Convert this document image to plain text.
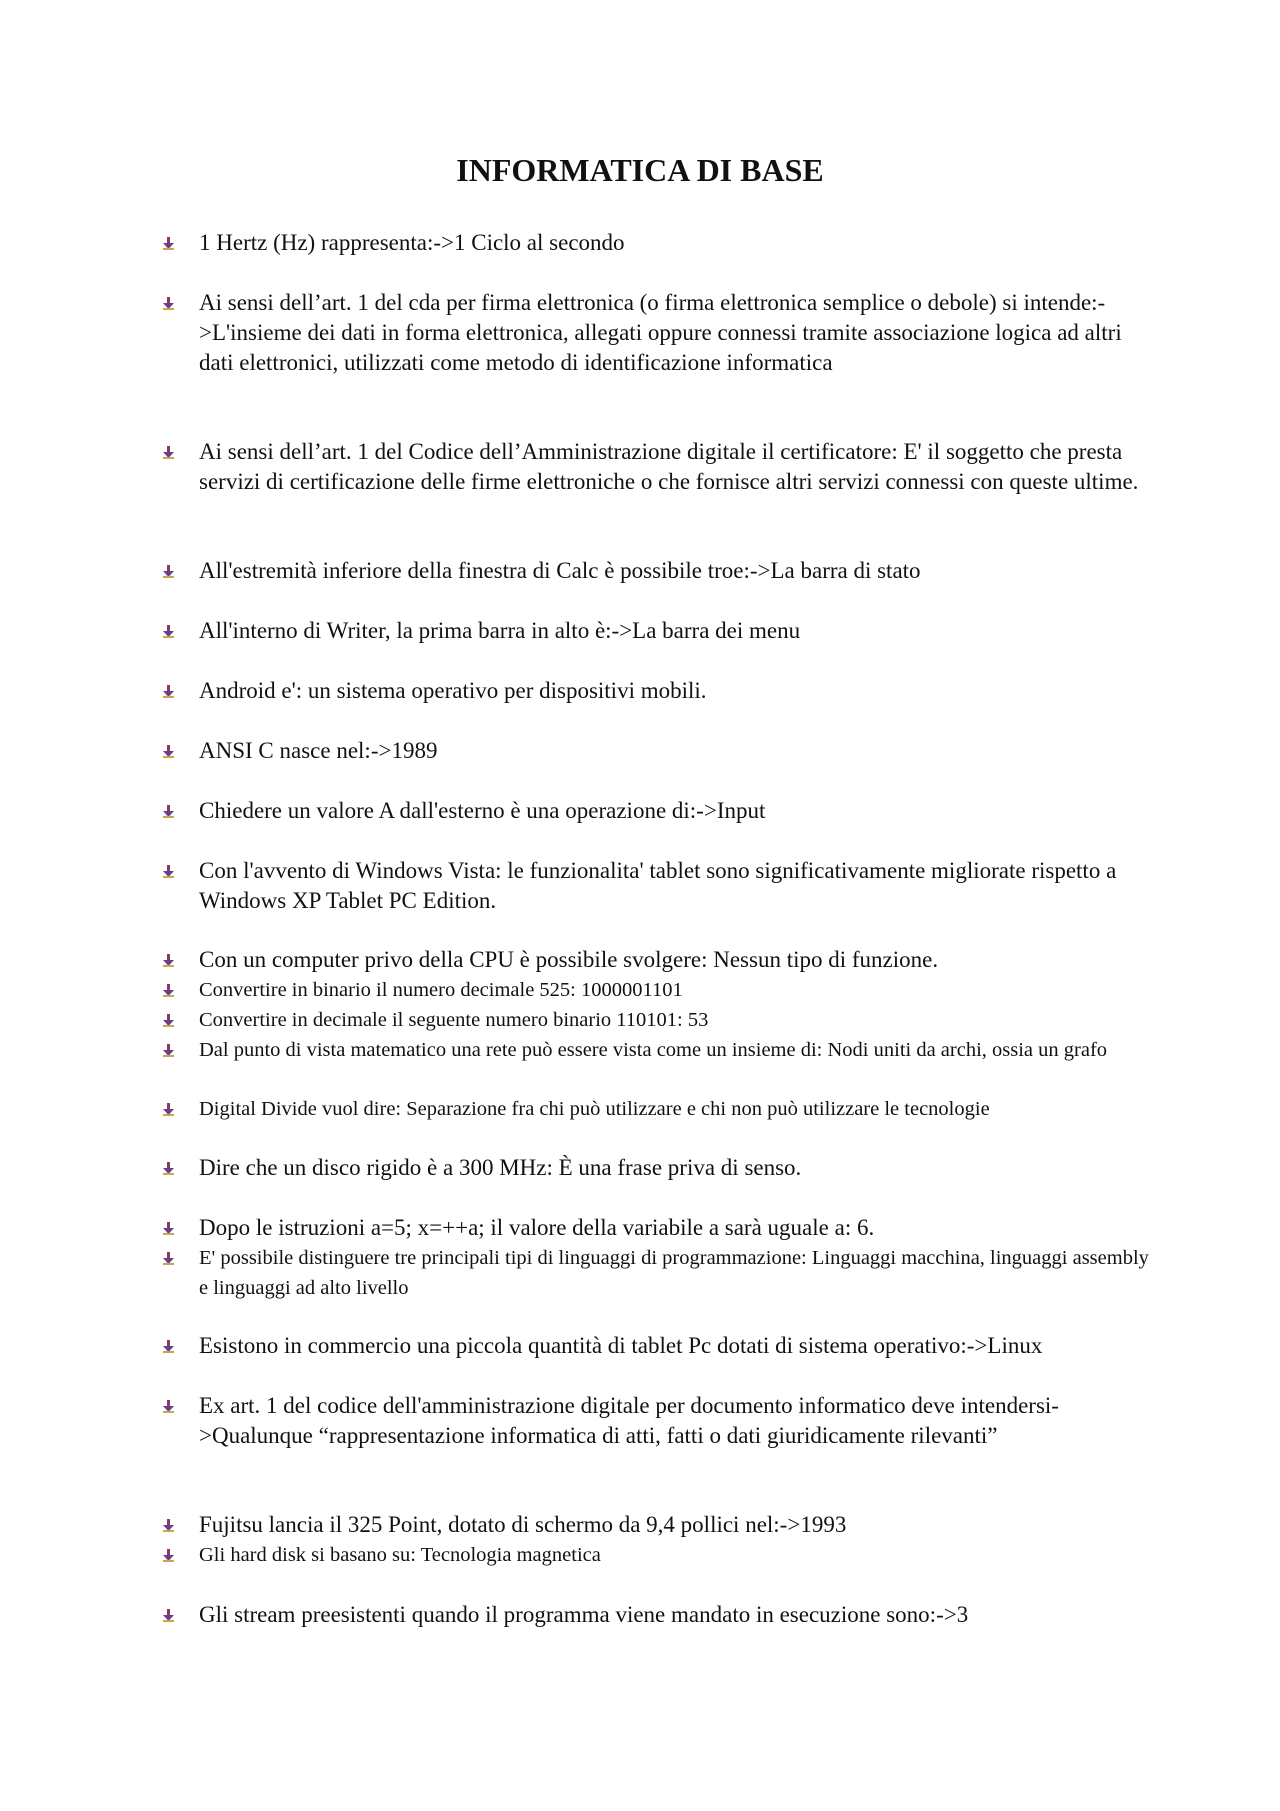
INFORMATICA DI BASE
1 Hertz (Hz) rappresenta:->1 Ciclo al secondo
Ai sensi dell’art. 1 del cda per firma elettronica (o firma elettronica semplice o debole) si intende:->L'insieme dei dati in forma elettronica, allegati oppure connessi tramite associazione logica ad altri dati elettronici, utilizzati come metodo di identificazione informatica
Ai sensi dell’art. 1 del Codice dell’Amministrazione digitale il certificatore: E' il soggetto che presta servizi di certificazione delle firme elettroniche o che fornisce altri servizi connessi con queste ultime.
All'estremità inferiore della finestra di Calc è possibile troe:->La barra di stato
All'interno di Writer, la prima barra in alto è:->La barra dei menu
Android e': un sistema operativo per dispositivi mobili.
ANSI C nasce nel:->1989
Chiedere un valore A dall'esterno è una operazione di:->Input
Con l'avvento di Windows Vista: le funzionalita' tablet sono significativamente migliorate rispetto a Windows XP Tablet PC Edition.
Con un computer privo della CPU è possibile svolgere: Nessun tipo di funzione.
Convertire in binario il numero decimale 525: 1000001101
Convertire in decimale il seguente numero binario 110101: 53
Dal punto di vista matematico una rete può essere vista come un insieme di: Nodi uniti da archi, ossia un grafo
Digital Divide vuol dire: Separazione fra chi può utilizzare e chi non può utilizzare le tecnologie
Dire che un disco rigido è a 300 MHz: È una frase priva di senso.
Dopo le istruzioni a=5; x=++a; il valore della variabile a sarà uguale a: 6.
E' possibile distinguere tre principali tipi di linguaggi di programmazione: Linguaggi macchina, linguaggi assembly e linguaggi ad alto livello
Esistono in commercio una piccola quantità di tablet Pc dotati di sistema operativo:->Linux
Ex art. 1 del codice dell'amministrazione digitale per documento informatico deve intendersi->Qualunque “rappresentazione informatica di atti, fatti o dati giuridicamente rilevanti”
Fujitsu lancia il 325 Point, dotato di schermo da 9,4 pollici nel:->1993
Gli hard disk si basano su: Tecnologia magnetica
Gli stream preesistenti quando il programma viene mandato in esecuzione sono:->3
